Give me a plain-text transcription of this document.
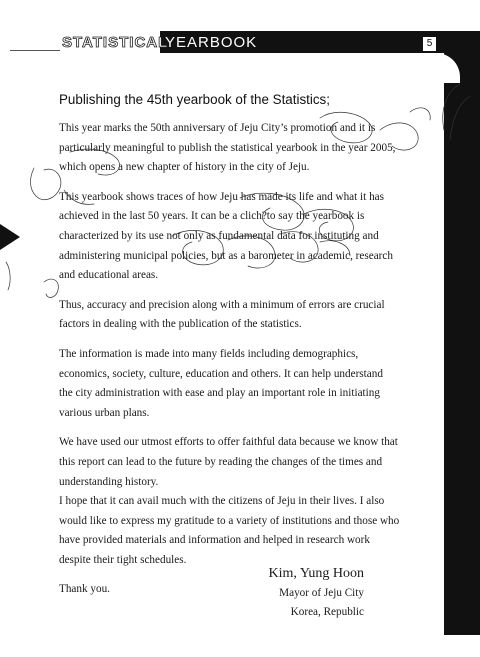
STATISTICAL
YEARBOOK	5
Publishing the 45th yearbook of the Statistics;
This year marks the 50th anniversary of Jeju City’s promotion and it is
particularly meaningful to publish the statistical yearbook in the year 2005,
which opens a new chapter of history in the city of Jeju.
This yearbook shows traces of how Jeju has made its life and what it has
achieved in the last 50 years. It can be a clich?to say the yearbook is
characterized by its use not only as fundamental data for instituting and
administering municipal policies, but as a barometer in academic, research
and educational areas.
Thus, accuracy and precision along with a minimum of errors are crucial
factors in dealing with the publication of the statistics.
The information is made into many fields including demographics,
economics, society, culture, education and others. It can help understand
the city administration with ease and play an important role in initiating
various urban plans.
We have used our utmost efforts to offer faithful data because we know that
this report can lead to the future by reading the changes of the times and
understanding history.
I hope that it can avail much with the citizens of Jeju in their lives. I also
would like to express my gratitude to a variety of institutions and those who
have provided materials and information and helped in research work
despite their tight schedules.
Thank you.
Kim, Yung Hoon
Mayor of Jeju City
Korea, Republic
